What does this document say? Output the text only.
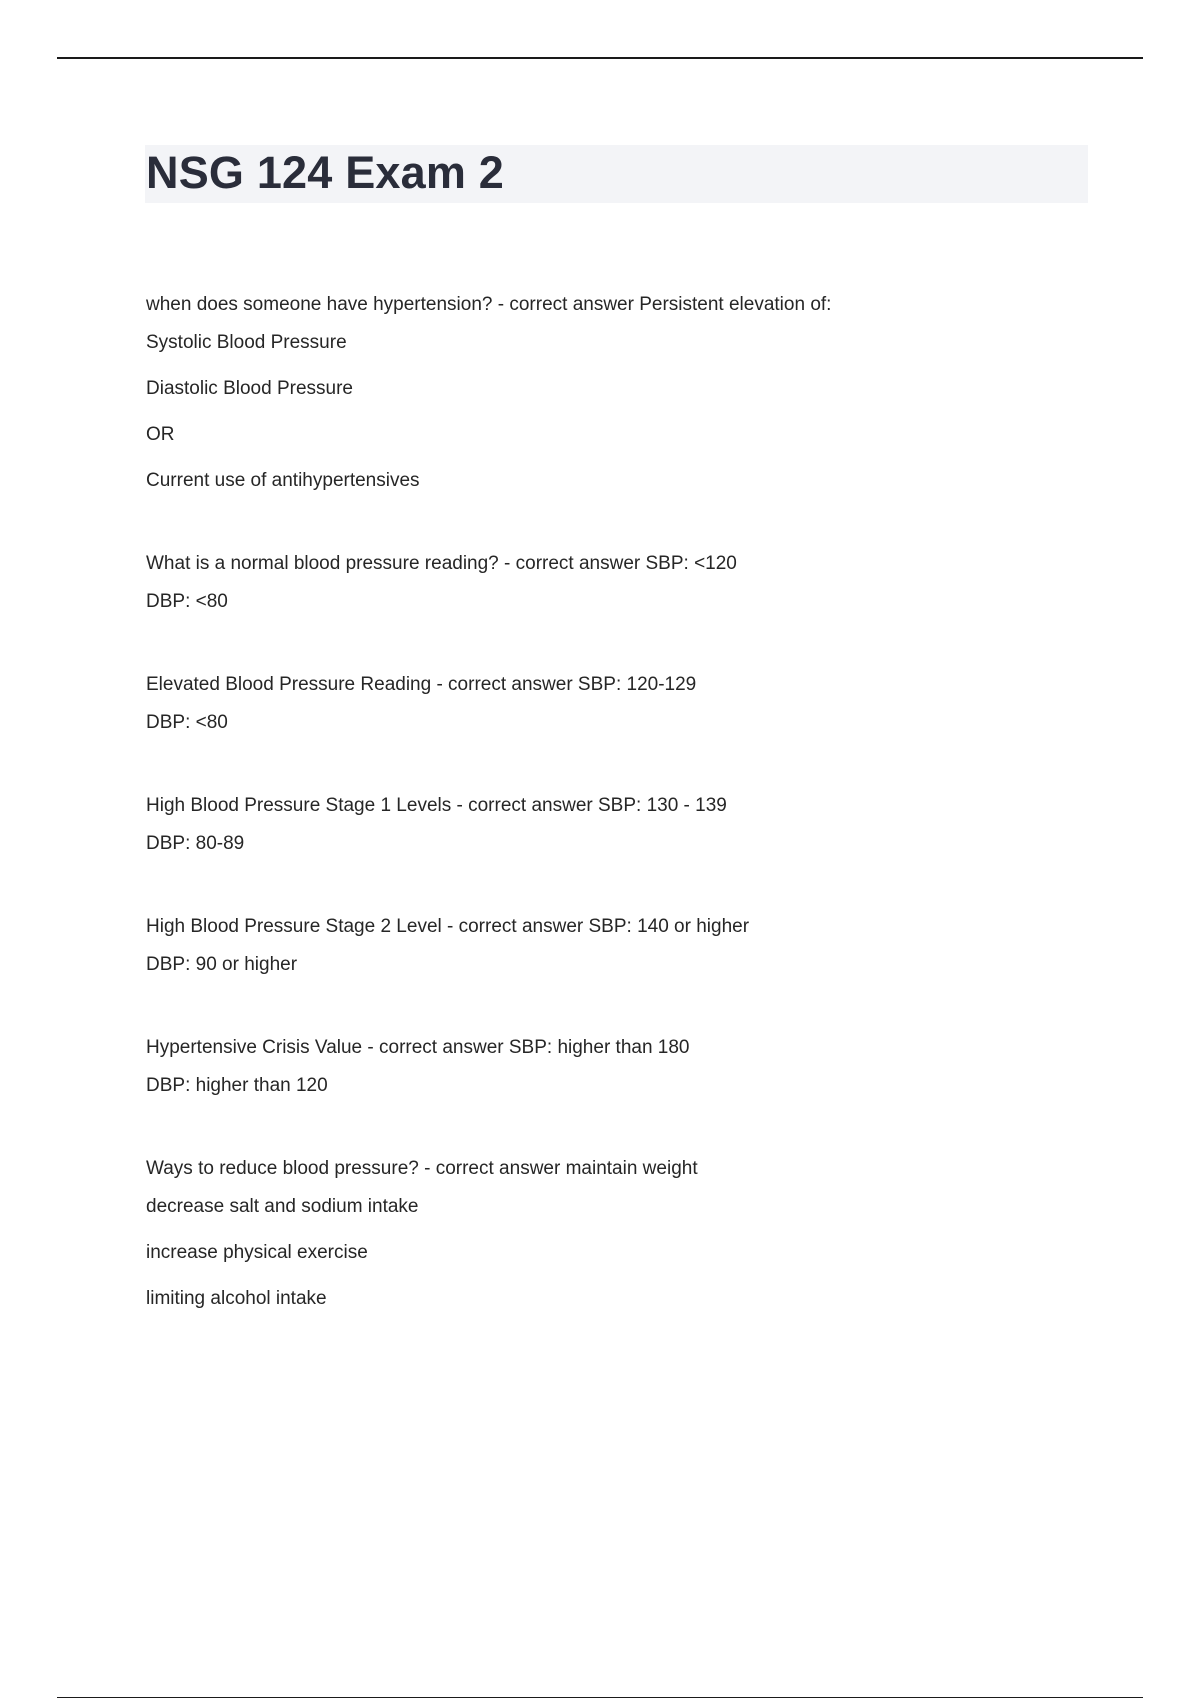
NSG 124 Exam 2

when does someone have hypertension? - correct answer Persistent elevation of:

Systolic Blood Pressure

Diastolic Blood Pressure

OR

Current use of antihypertensives

What is a normal blood pressure reading? - correct answer SBP: <120

DBP: <80

Elevated Blood Pressure Reading - correct answer SBP: 120-129

DBP: <80

High Blood Pressure Stage 1 Levels - correct answer SBP: 130 - 139

DBP: 80-89

High Blood Pressure Stage 2 Level - correct answer SBP: 140 or higher

DBP: 90 or higher

Hypertensive Crisis Value - correct answer SBP: higher than 180

DBP: higher than 120

Ways to reduce blood pressure? - correct answer maintain weight

decrease salt and sodium intake

increase physical exercise

limiting alcohol intake
